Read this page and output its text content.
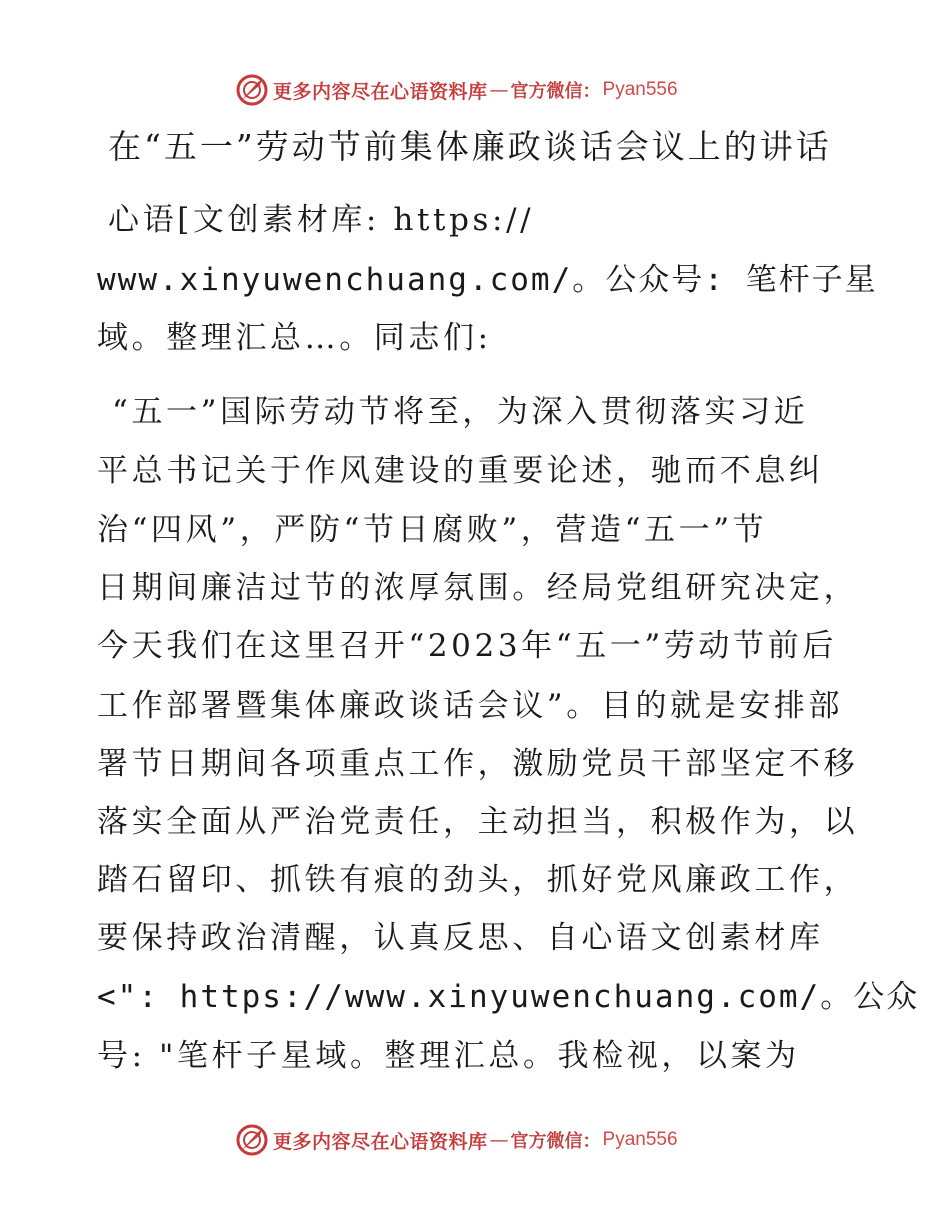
更多内容尽在心语资料库 — 官方微信： Pyan556
在“五一”劳动节前集体廉政谈话会议上的讲话
心语[文创素材库: https://
www.xinyuwenchuang.com/。公众号: 笔杆子星
域。整理汇总…。同志们:
“五一”国际劳动节将至，为深入贯彻落实习近
平总书记关于作风建设的重要论述，驰而不息纠
治“四风”，严防“节日腐败”，营造“五一”节
日期间廉洁过节的浓厚氛围。经局党组研究决定，
今天我们在这里召开“2023年“五一”劳动节前后
工作部署暨集体廉政谈话会议”。目的就是安排部
署节日期间各项重点工作，激励党员干部坚定不移
落实全面从严治党责任，主动担当，积极作为，以
踏石留印、抓铁有痕的劲头，抓好党风廉政工作，
要保持政治清醒，认真反思、自心语文创素材库
<": https://www.xinyuwenchuang.com/。公众
号: "笔杆子星域。整理汇总。我检视，以案为
更多内容尽在心语资料库 — 官方微信： Pyan556
